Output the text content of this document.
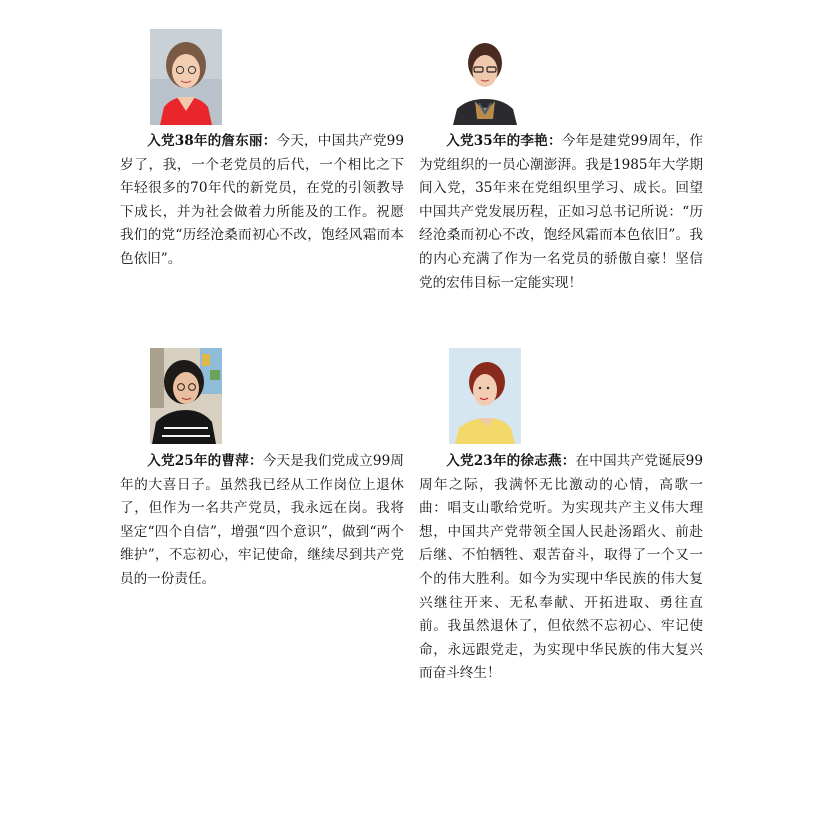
入党38年的詹东丽：今天，中国共产党99岁了，我，一个老党员的后代，一个相比之下年轻很多的70年代的新党员，在党的引领教导下成长，并为社会做着力所能及的工作。祝愿我们的党“历经沧桑而初心不改，饱经风霜而本色依旧”。

入党35年的李艳：今年是建党99周年，作为党组织的一员心潮澎湃。我是1985年大学期间入党，35年来在党组织里学习、成长。回望中国共产党发展历程，正如习总书记所说：“历经沧桑而初心不改，饱经风霜而本色依旧”。我的内心充满了作为一名党员的骄傲自豪！坚信党的宏伟目标一定能实现！

入党25年的曹萍：今天是我们党成立99周年的大喜日子。虽然我已经从工作岗位上退休了，但作为一名共产党员，我永远在岗。我将坚定“四个自信”，增强“四个意识”，做到“两个维护”，不忘初心，牢记使命，继续尽到共产党员的一份责任。

入党23年的徐志燕：在中国共产党诞辰99周年之际，我满怀无比激动的心情，高歌一曲：唱支山歌给党听。为实现共产主义伟大理想，中国共产党带领全国人民赴汤蹈火、前赴后继、不怕牺牲、艰苦奋斗，取得了一个又一个的伟大胜利。如今为实现中华民族的伟大复兴继往开来、无私奉献、开拓进取、勇往直前。我虽然退休了，但依然不忘初心、牢记使命，永远跟党走，为实现中华民族的伟大复兴而奋斗终生！
